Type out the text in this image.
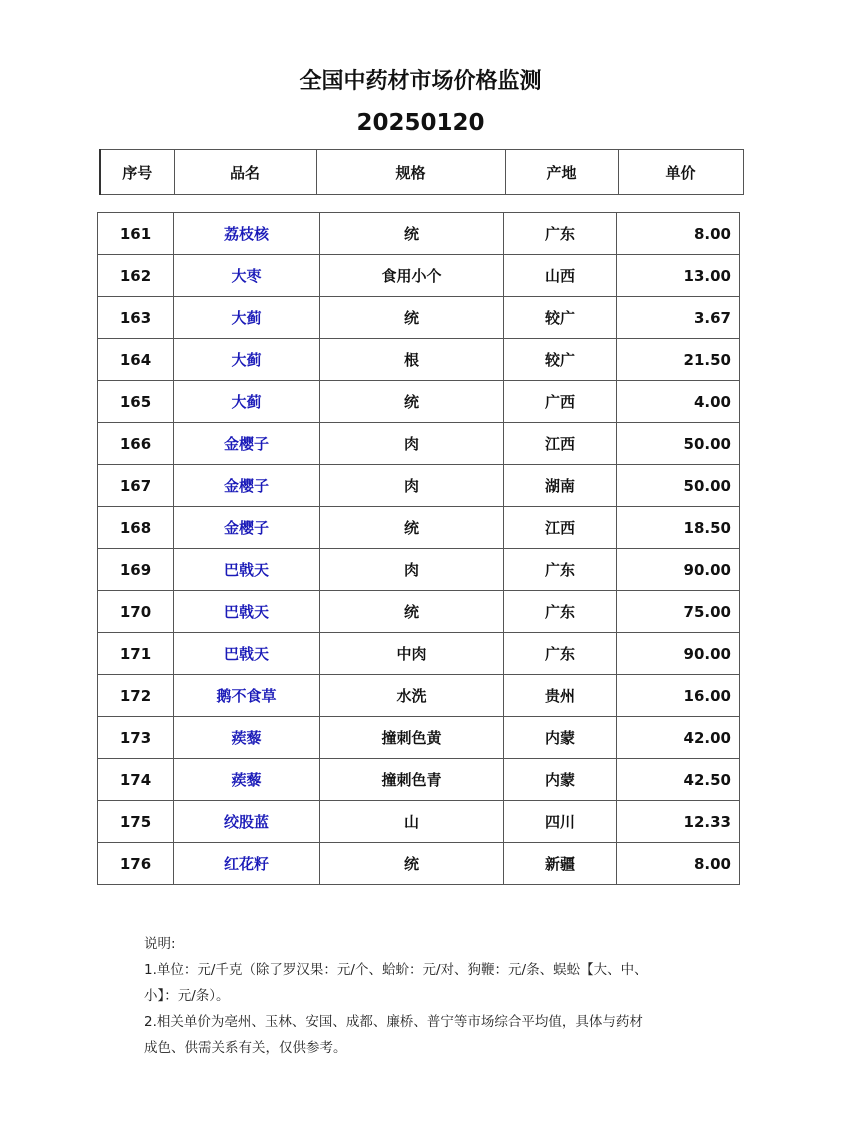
全国中药材市场价格监测
20250120
序号	品名	规格	产地	单价
161	荔枝核	统	广东	8.00
162	大枣	食用小个	山西	13.00
163	大蓟	统	较广	3.67
164	大蓟	根	较广	21.50
165	大蓟	统	广西	4.00
166	金樱子	肉	江西	50.00
167	金樱子	肉	湖南	50.00
168	金樱子	统	江西	18.50
169	巴戟天	肉	广东	90.00
170	巴戟天	统	广东	75.00
171	巴戟天	中肉	广东	90.00
172	鹅不食草	水洗	贵州	16.00
173	蒺藜	撞刺色黄	内蒙	42.00
174	蒺藜	撞刺色青	内蒙	42.50
175	绞股蓝	山	四川	12.33
176	红花籽	统	新疆	8.00
说明:
1.单位：元/千克（除了罗汉果：元/个、蛤蚧：元/对、狗鞭：元/条、蜈蚣【大、中、
小】：元/条）。
2.相关单价为亳州、玉林、安国、成都、廉桥、普宁等市场综合平均值，具体与药材
成色、供需关系有关，仅供参考。
